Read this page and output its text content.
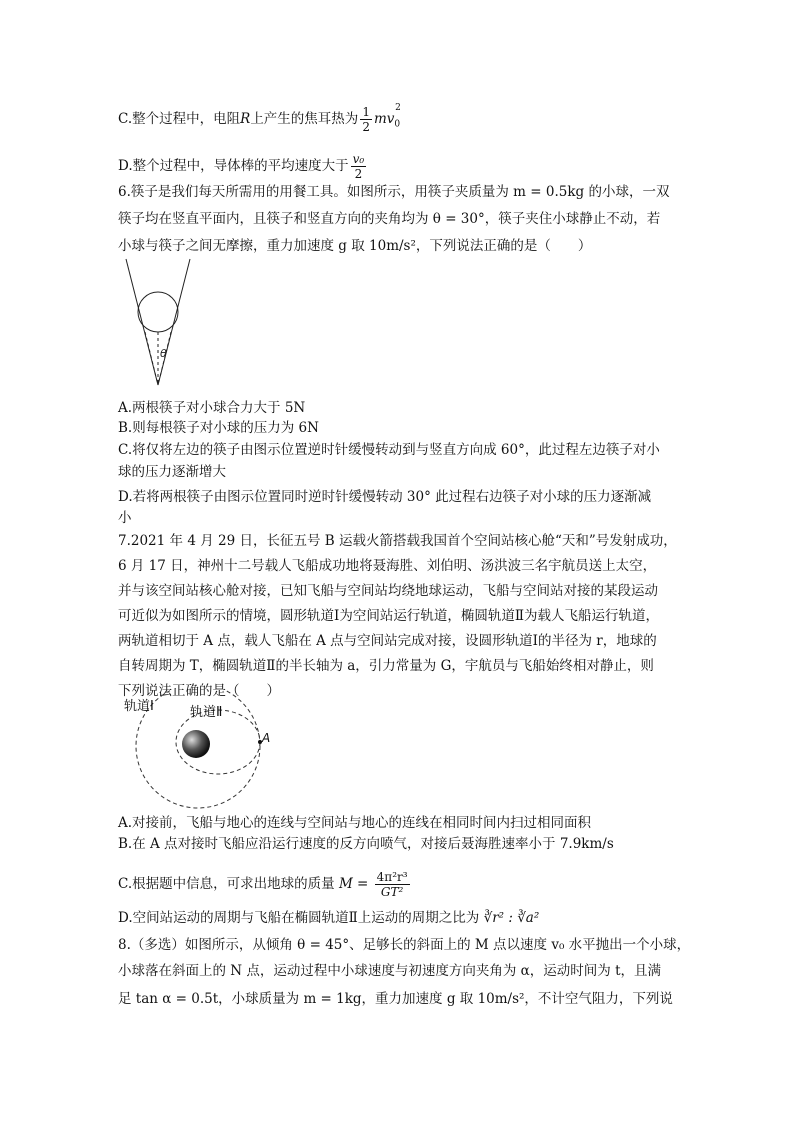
C.整个过程中，电阻R上产生的焦耳热为 $\frac{1}{2} mv_0^2$
D.整个过程中，导体棒的平均速度大于 $\frac{\text{v₀}}{2}$
6.筷子是我们每天所需用的用餐工具。如图所示，用筷子夹质量为 m = 0.5kg 的小球，一双
筷子均在竖直平面内，且筷子和竖直方向的夹角均为 θ = 30°，筷子夹住小球静止不动，若
小球与筷子之间无摩擦，重力加速度 g 取 10m/s²，下列说法正确的是（　　）
θ
A.两根筷子对小球合力大于 5N
B.则每根筷子对小球的压力为 6N
C.将仅将左边的筷子由图示位置逆时针缓慢转动到与竖直方向成 60°，此过程左边筷子对小
球的压力逐渐增大
D.若将两根筷子由图示位置同时逆时针缓慢转动 30° 此过程右边筷子对小球的压力逐渐减
小
7.2021 年 4 月 29 日，长征五号 B 运载火箭搭载我国首个空间站核心舱“天和”号发射成功，
6 月 17 日，神州十二号载人飞船成功地将聂海胜、刘伯明、汤洪波三名宇航员送上太空，
并与该空间站核心舱对接，已知飞船与空间站均绕地球运动，飞船与空间站对接的某段运动
可近似为如图所示的情境，圆形轨道Ⅰ为空间站运行轨道，椭圆轨道Ⅱ为载人飞船运行轨道，
两轨道相切于 A 点，载人飞船在 A 点与空间站完成对接，设圆形轨道Ⅰ的半径为 r，地球的
自转周期为 T，椭圆轨道Ⅱ的半长轴为 a，引力常量为 G，宇航员与飞船始终相对静止，则
下列说法正确的是（　　）
轨道Ⅰ	轨道Ⅱ
A
A.对接前，飞船与地心的连线与空间站与地心的连线在相同时间内扫过相同面积
B.在 A 点对接时飞船应沿运行速度的反方向喷气，对接后聂海胜速率小于 7.9km/s
C.根据题中信息，可求出地球的质量 $M = \frac{\text{4π²r³}}{\text{GT²}}$
D.空间站运动的周期与飞船在椭圆轨道Ⅱ上运动的周期之比为 ∛r² : ∛a²
8.（多选）如图所示，从倾角 θ = 45°、足够长的斜面上的 M 点以速度 v₀ 水平抛出一个小球，
小球落在斜面上的 N 点，运动过程中小球速度与初速度方向夹角为 α，运动时间为 t，且满
足 tan α = 0.5t，小球质量为 m = 1kg，重力加速度 g 取 10m/s²，不计空气阻力，下列说
